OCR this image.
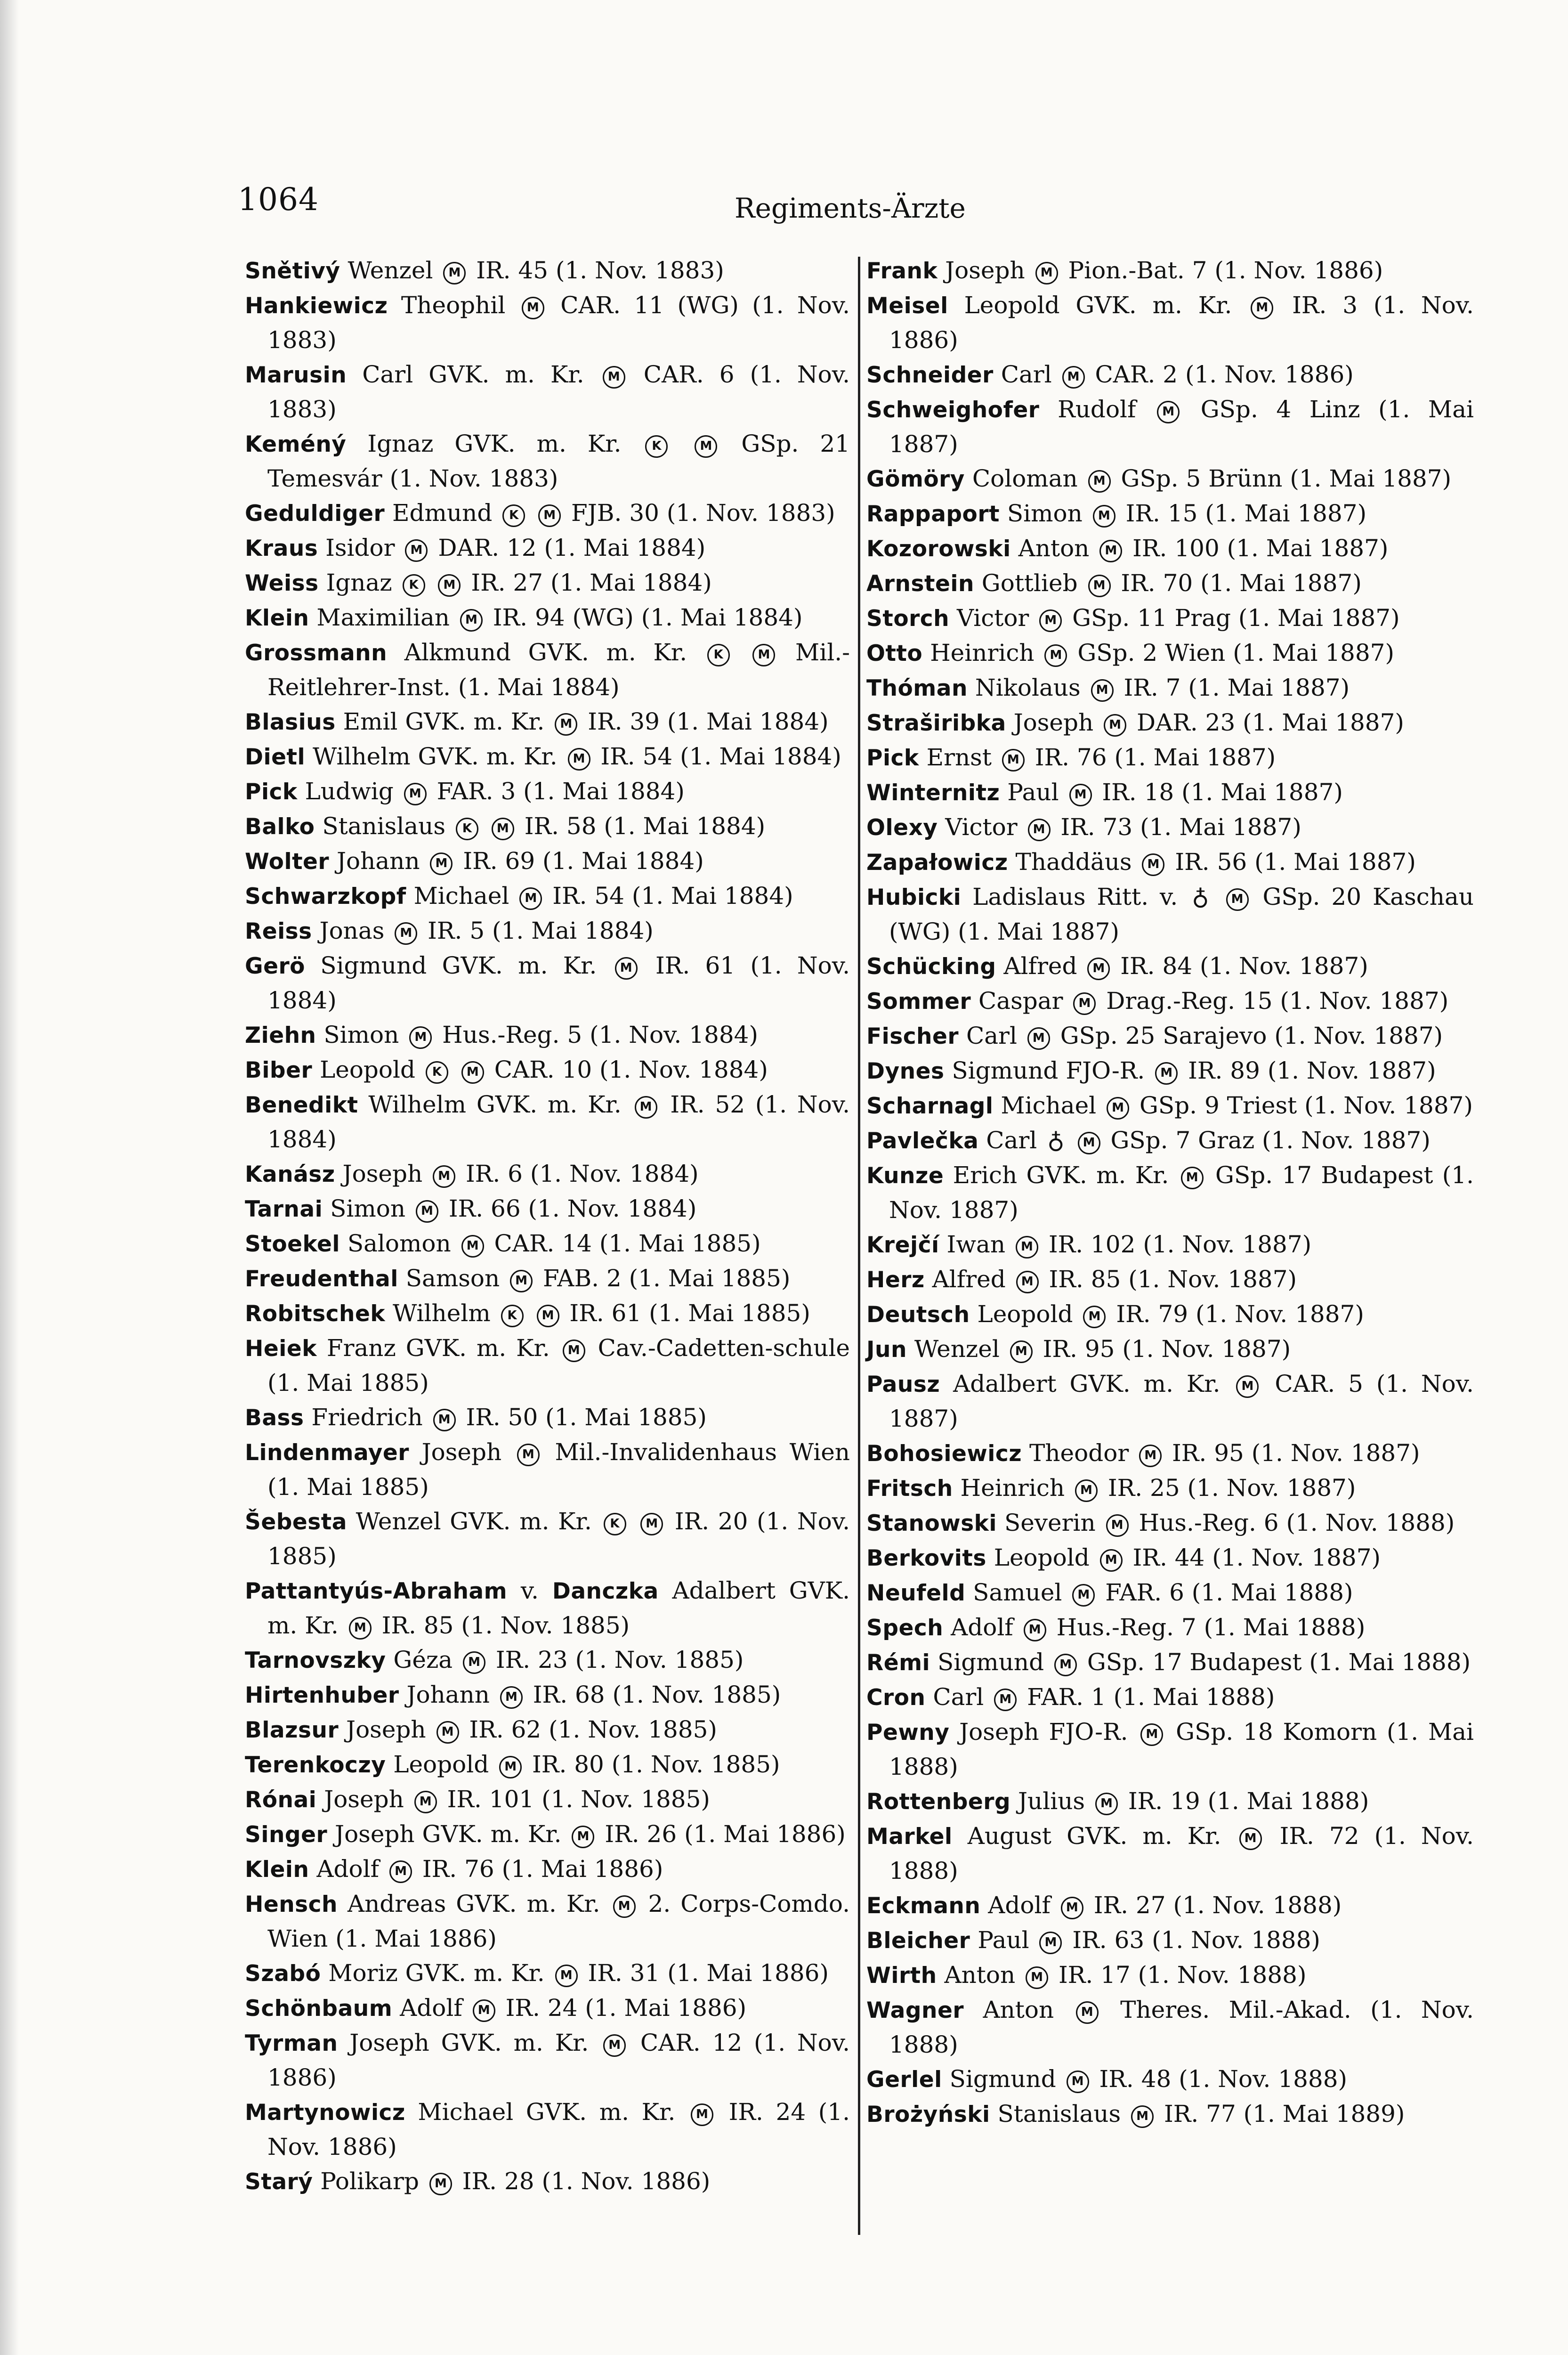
1064	Regiments-Ärzte
Snětivý Wenzel M IR. 45 (1. Nov. 1883)
Hankiewicz Theophil M CAR. 11 (WG) (1. Nov. 1883)
Marusin Carl GVK. m. Kr. M CAR. 6 (1. Nov. 1883)
Keméný Ignaz GVK. m. Kr. K	M GSp. 21 Temesvár (1. Nov. 1883)
Geduldiger Edmund K M FJB. 30 (1. Nov. 1883)
Kraus Isidor M DAR. 12 (1. Mai 1884)
Weiss Ignaz K M IR. 27 (1. Mai 1884)
Klein Maximilian M IR. 94 (WG) (1. Mai 1884)
Grossmann Alkmund GVK. m. Kr. K	M Mil.-Reitlehrer-Inst. (1. Mai 1884)
Blasius Emil GVK. m. Kr. M IR. 39 (1. Mai 1884)
Dietl Wilhelm GVK. m. Kr. M IR. 54 (1. Mai 1884)
Pick Ludwig M FAR. 3 (1. Mai 1884)
Balko Stanislaus K M IR. 58 (1. Mai 1884)
Wolter Johann M IR. 69 (1. Mai 1884)
Schwarzkopf Michael M IR. 54 (1. Mai 1884)
Reiss Jonas M IR. 5 (1. Mai 1884)
Gerö Sigmund GVK. m. Kr. M IR. 61 (1. Nov. 1884)
Ziehn Simon M Hus.-Reg. 5 (1. Nov. 1884)
Biber Leopold K M CAR. 10 (1. Nov. 1884)
Benedikt Wilhelm GVK. m. Kr. M IR. 52 (1. Nov. 1884)
Kanász Joseph M IR. 6 (1. Nov. 1884)
Tarnai Simon M IR. 66 (1. Nov. 1884)
Stoekel Salomon M CAR. 14 (1. Mai 1885)
Freudenthal Samson M FAB. 2 (1. Mai 1885)
Robitschek Wilhelm K M IR. 61 (1. Mai 1885)
Heiek Franz GVK. m. Kr. M Cav.-Cadetten-schule (1. Mai 1885)
Bass Friedrich M IR. 50 (1. Mai 1885)
Lindenmayer Joseph M Mil.-Invalidenhaus Wien (1. Mai 1885)
Šebesta Wenzel GVK. m. Kr. K M IR. 20 (1. Nov. 1885)
Pattantyús-Abraham v. Danczka Adalbert GVK. m. Kr. M IR. 85 (1. Nov. 1885)
Tarnovszky Géza M IR. 23 (1. Nov. 1885)
Hirtenhuber Johann M IR. 68 (1. Nov. 1885)
Blazsur Joseph M IR. 62 (1. Nov. 1885)
Terenkoczy Leopold M IR. 80 (1. Nov. 1885)
Rónai Joseph M IR. 101 (1. Nov. 1885)
Singer Joseph GVK. m. Kr. M IR. 26 (1. Mai 1886)
Klein Adolf M IR. 76 (1. Mai 1886)
Hensch Andreas GVK. m. Kr. M 2. Corps-Comdo. Wien (1. Mai 1886)
Szabó Moriz GVK. m. Kr. M IR. 31 (1. Mai 1886)
Schönbaum Adolf M IR. 24 (1. Mai 1886)
Tyrman Joseph GVK. m. Kr. M CAR. 12 (1. Nov. 1886)
Martynowicz Michael GVK. m. Kr. M IR. 24 (1. Nov. 1886)
Starý Polikarp M IR. 28 (1. Nov. 1886)
Frank Joseph M Pion.-Bat. 7 (1. Nov. 1886)
Meisel Leopold GVK. m. Kr. M IR. 3 (1. Nov. 1886)
Schneider Carl M CAR. 2 (1. Nov. 1886)
Schweighofer Rudolf M GSp. 4 Linz (1. Mai 1887)
Gömöry Coloman M GSp. 5 Brünn (1. Mai 1887)
Rappaport Simon M IR. 15 (1. Mai 1887)
Kozorowski Anton M IR. 100 (1. Mai 1887)
Arnstein Gottlieb M IR. 70 (1. Mai 1887)
Storch Victor M GSp. 11 Prag (1. Mai 1887)
Otto Heinrich M GSp. 2 Wien (1. Mai 1887)
Thóman Nikolaus M IR. 7 (1. Mai 1887)
Straširibka Joseph M DAR. 23 (1. Mai 1887)
Pick Ernst M IR. 76 (1. Mai 1887)
Winternitz Paul M IR. 18 (1. Mai 1887)
Olexy Victor M IR. 73 (1. Mai 1887)
Zapałowicz Thaddäus M IR. 56 (1. Mai 1887)
Hubicki Ladislaus Ritt. v. ♁ M GSp. 20 Kaschau (WG) (1. Mai 1887)
Schücking Alfred M IR. 84 (1. Nov. 1887)
Sommer Caspar M Drag.-Reg. 15 (1. Nov. 1887)
Fischer Carl M GSp. 25 Sarajevo (1. Nov. 1887)
Dynes Sigmund FJO-R. M IR. 89 (1. Nov. 1887)
Scharnagl Michael M GSp. 9 Triest (1. Nov. 1887)
Pavlečka Carl ♁ M GSp. 7 Graz (1. Nov. 1887)
Kunze Erich GVK. m. Kr. M GSp. 17 Budapest (1. Nov. 1887)
Krejčí Iwan M IR. 102 (1. Nov. 1887)
Herz Alfred M IR. 85 (1. Nov. 1887)
Deutsch Leopold M IR. 79 (1. Nov. 1887)
Jun Wenzel M IR. 95 (1. Nov. 1887)
Pausz Adalbert GVK. m. Kr. M CAR. 5 (1. Nov. 1887)
Bohosiewicz Theodor M IR. 95 (1. Nov. 1887)
Fritsch Heinrich M IR. 25 (1. Nov. 1887)
Stanowski Severin M Hus.-Reg. 6 (1. Nov. 1888)
Berkovits Leopold M IR. 44 (1. Nov. 1887)
Neufeld Samuel M FAR. 6 (1. Mai 1888)
Spech Adolf M Hus.-Reg. 7 (1. Mai 1888)
Rémi Sigmund M GSp. 17 Budapest (1. Mai 1888)
Cron Carl M FAR. 1 (1. Mai 1888)
Pewny Joseph FJO-R. M GSp. 18 Komorn (1. Mai 1888)
Rottenberg Julius M IR. 19 (1. Mai 1888)
Markel August GVK. m. Kr. M IR. 72 (1. Nov. 1888)
Eckmann Adolf M IR. 27 (1. Nov. 1888)
Bleicher Paul M IR. 63 (1. Nov. 1888)
Wirth Anton M IR. 17 (1. Nov. 1888)
Wagner Anton M Theres. Mil.-Akad. (1. Nov. 1888)
Gerlel Sigmund M IR. 48 (1. Nov. 1888)
Brożyński Stanislaus M IR. 77 (1. Mai 1889)
